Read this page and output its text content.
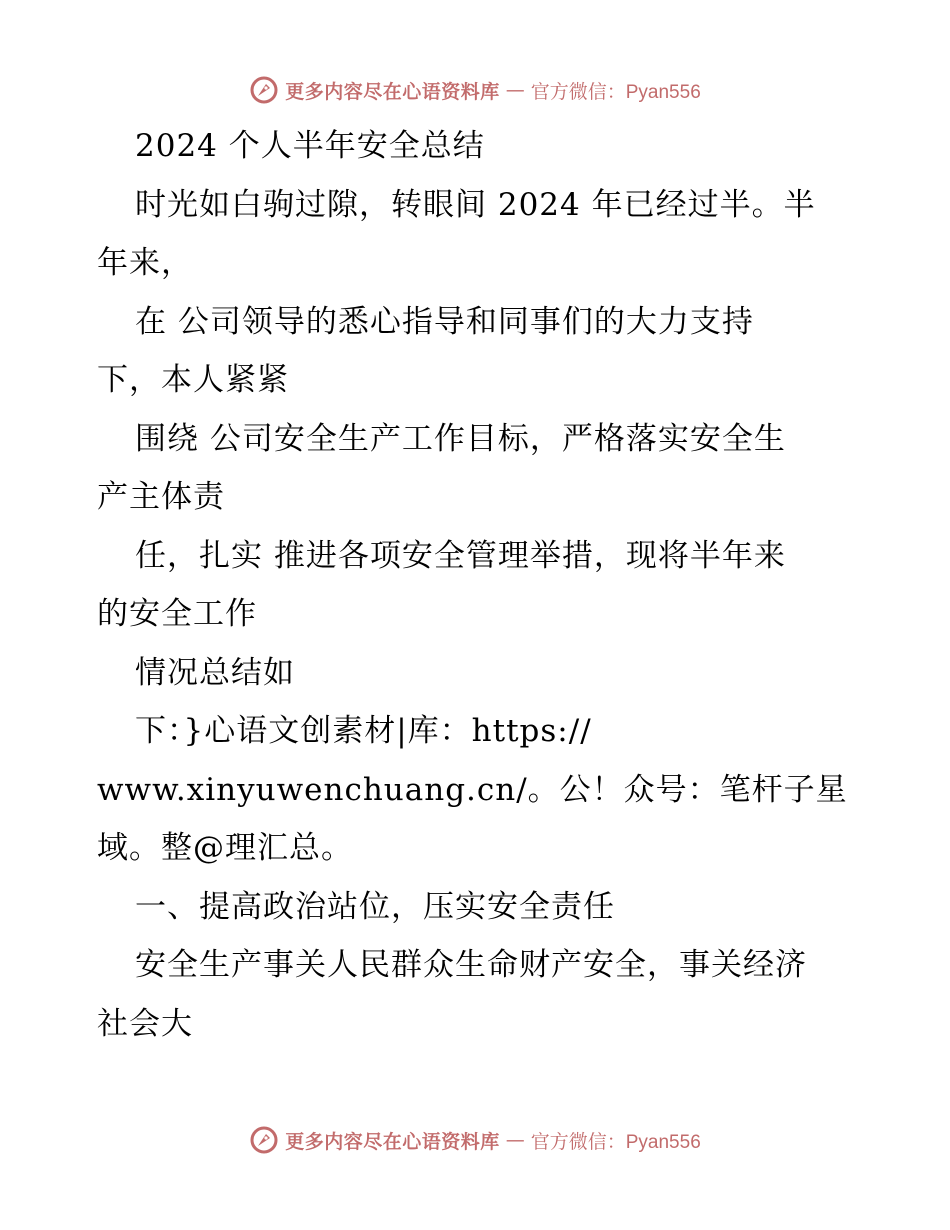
更多内容尽在心语资料库 — 官方微信：Pyan556
2024 个人半年安全总结
时光如白驹过隙，转眼间 2024 年已经过半。半
年来，
在 公司领导的悉心指导和同事们的大力支持
下，本人紧紧
围绕 公司安全生产工作目标，严格落实安全生
产主体责
任，扎实 推进各项安全管理举措，现将半年来
的安全工作
情况总结如
下：}心语文创素材|库：https://
www.xinyuwenchuang.cn/。公！众号：笔杆子星
域。整@理汇总。
一、提高政治站位，压实安全责任
安全生产事关人民群众生命财产安全，事关经济
社会大
更多内容尽在心语资料库 — 官方微信：Pyan556
